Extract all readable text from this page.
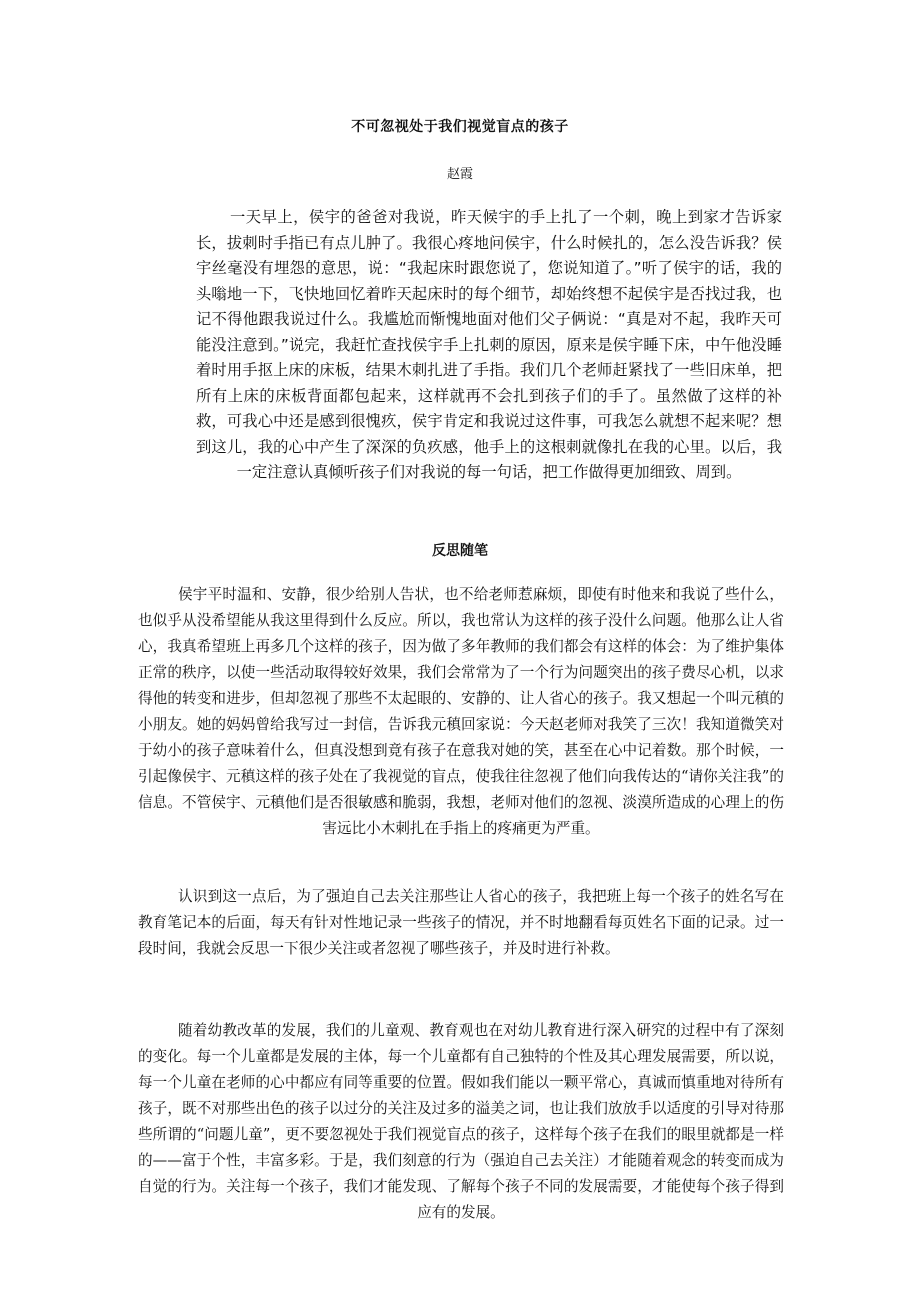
不可忽视处于我们视觉盲点的孩子
赵霞

一天早上，侯宇的爸爸对我说，昨天候宇的手上扎了一个刺，晚上到家才告诉家长，拔刺时手指已有点儿肿了。我很心疼地问侯宇，什么时候扎的，怎么没告诉我？侯宇丝毫没有埋怨的意思，说：“我起床时跟您说了，您说知道了。”听了侯宇的话，我的头嗡地一下，飞快地回忆着昨天起床时的每个细节，却始终想不起侯宇是否找过我，也记不得他跟我说过什么。我尴尬而惭愧地面对他们父子俩说：“真是对不起，我昨天可能没注意到。”说完，我赶忙查找侯宇手上扎刺的原因，原来是侯宇睡下床，中午他没睡着时用手抠上床的床板，结果木刺扎进了手指。我们几个老师赶紧找了一些旧床单，把所有上床的床板背面都包起来，这样就再不会扎到孩子们的手了。虽然做了这样的补救，可我心中还是感到很愧疚，侯宇肯定和我说过这件事，可我怎么就想不起来呢？想到这儿，我的心中产生了深深的负疚感，他手上的这根刺就像扎在我的心里。以后，我一定注意认真倾听孩子们对我说的每一句话，把工作做得更加细致、周到。

反思随笔

侯宇平时温和、安静，很少给别人告状，也不给老师惹麻烦，即使有时他来和我说了些什么，也似乎从没希望能从我这里得到什么反应。所以，我也常认为这样的孩子没什么问题。他那么让人省心，我真希望班上再多几个这样的孩子，因为做了多年教师的我们都会有这样的体会：为了维护集体正常的秩序，以使一些活动取得较好效果，我们会常常为了一个行为问题突出的孩子费尽心机，以求得他的转变和进步，但却忽视了那些不太起眼的、安静的、让人省心的孩子。我又想起一个叫元稹的小朋友。她的妈妈曾给我写过一封信，告诉我元稹回家说：今天赵老师对我笑了三次！我知道微笑对于幼小的孩子意味着什么，但真没想到竟有孩子在意我对她的笑，甚至在心中记着数。那个时候，一引起像侯宇、元稹这样的孩子处在了我视觉的盲点，使我往往忽视了他们向我传达的“请你关注我”的信息。不管侯宇、元稹他们是否很敏感和脆弱，我想，老师对他们的忽视、淡漠所造成的心理上的伤害远比小木刺扎在手指上的疼痛更为严重。

认识到这一点后，为了强迫自己去关注那些让人省心的孩子，我把班上每一个孩子的姓名写在教育笔记本的后面，每天有针对性地记录一些孩子的情况，并不时地翻看每页姓名下面的记录。过一段时间，我就会反思一下很少关注或者忽视了哪些孩子，并及时进行补救。

随着幼教改革的发展，我们的儿童观、教育观也在对幼儿教育进行深入研究的过程中有了深刻的变化。每一个儿童都是发展的主体，每一个儿童都有自己独特的个性及其心理发展需要，所以说，每一个儿童在老师的心中都应有同等重要的位置。假如我们能以一颗平常心，真诚而慎重地对待所有孩子，既不对那些出色的孩子以过分的关注及过多的溢美之词，也让我们放放手以适度的引导对待那些所谓的“问题儿童”，更不要忽视处于我们视觉盲点的孩子，这样每个孩子在我们的眼里就都是一样的——富于个性，丰富多彩。于是，我们刻意的行为（强迫自己去关注）才能随着观念的转变而成为自觉的行为。关注每一个孩子，我们才能发现、了解每个孩子不同的发展需要，才能使每个孩子得到应有的发展。
